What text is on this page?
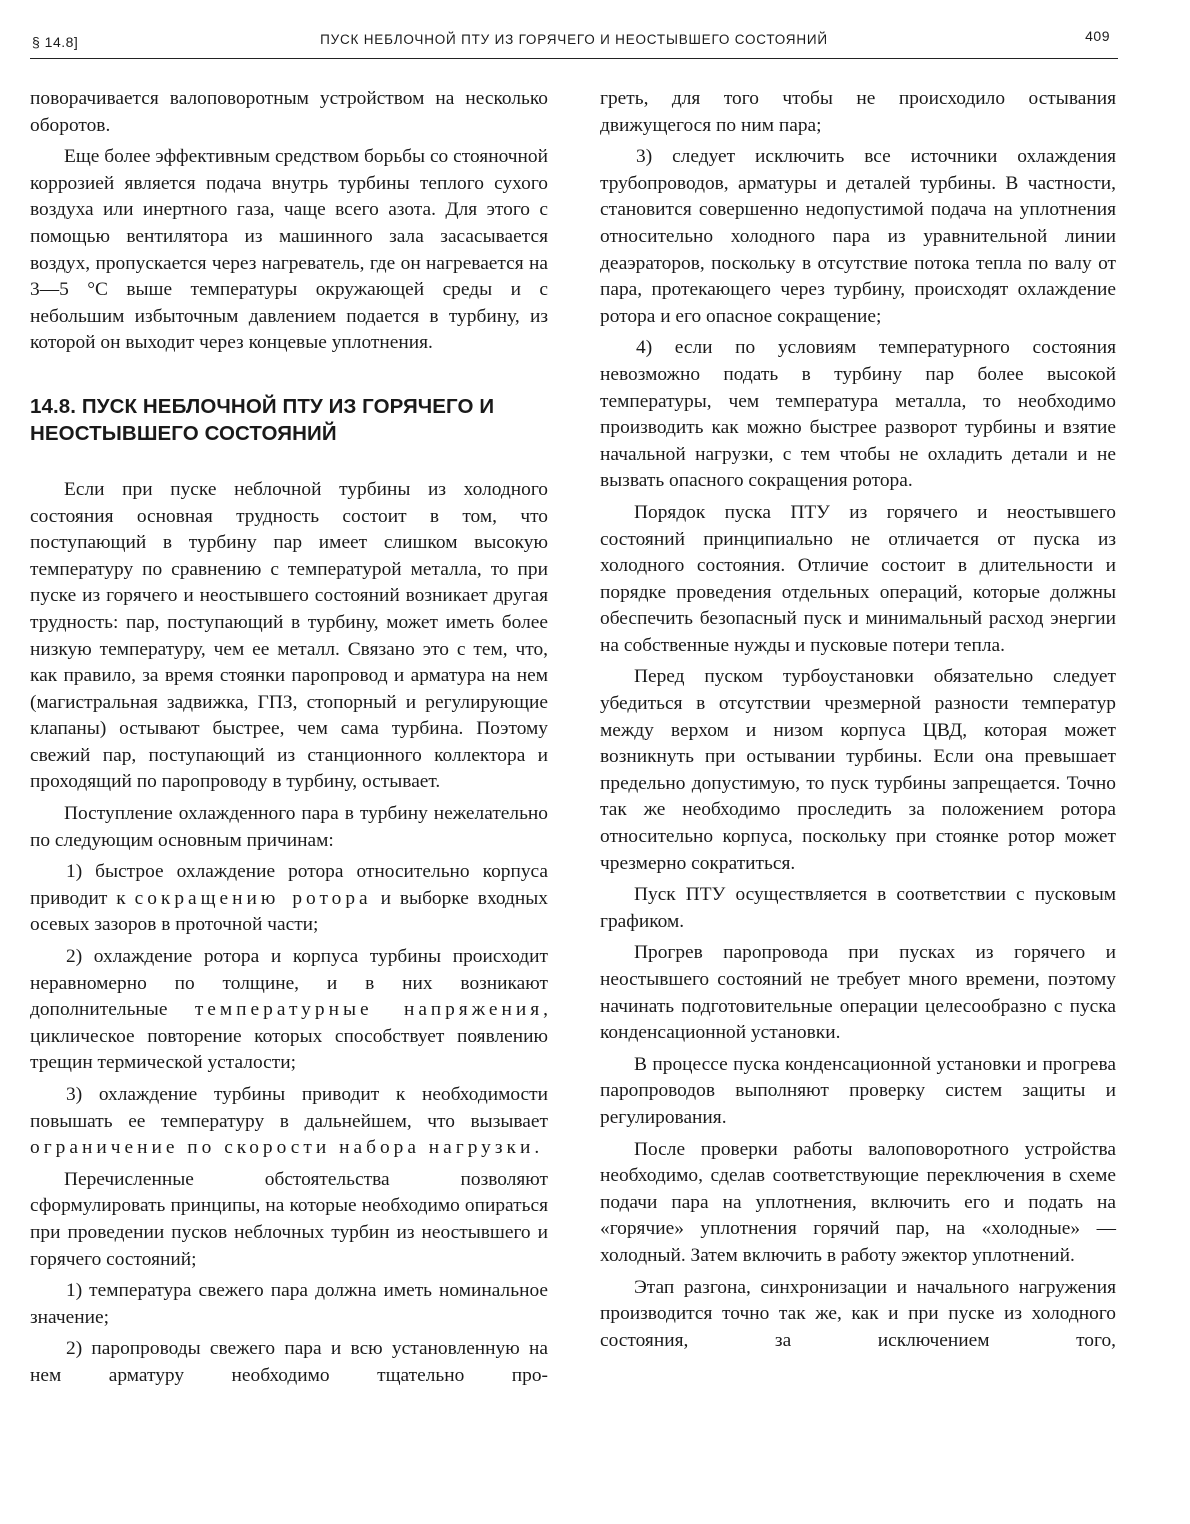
§ 14.8]	ПУСК НЕБЛОЧНОЙ ПТУ ИЗ ГОРЯЧЕГО И НЕОСТЫВШЕГО СОСТОЯНИЙ	409

поворачивается валоповоротным устройством на несколько оборотов.

Еще более эффективным средством борьбы со стояночной коррозией является подача внутрь турбины теплого сухого воздуха или инертного газа, чаще всего азота. Для этого с помощью вентилятора из машинного зала засасывается воздух, пропускается через нагреватель, где он нагревается на 3—5 °C выше температуры окружающей среды и с небольшим избыточным давлением подается в турбину, из которой он выходит через концевые уплотнения.

14.8. ПУСК НЕБЛОЧНОЙ ПТУ ИЗ ГОРЯЧЕГО И НЕОСТЫВШЕГО СОСТОЯНИЙ

Если при пуске неблочной турбины из холодного состояния основная трудность состоит в том, что поступающий в турбину пар имеет слишком высокую температуру по сравнению с температурой металла, то при пуске из горячего и неостывшего состояний возникает другая трудность: пар, поступающий в турбину, может иметь более низкую температуру, чем ее металл. Связано это с тем, что, как правило, за время стоянки паропровод и арматура на нем (магистральная задвижка, ГПЗ, стопорный и регулирующие клапаны) остывают быстрее, чем сама турбина. Поэтому свежий пар, поступающий из станционного коллектора и проходящий по паропроводу в турбину, остывает.

Поступление охлажденного пара в турбину нежелательно по следующим основным причинам:

1) быстрое охлаждение ротора относительно корпуса приводит к сокращению ротора и выборке входных осевых зазоров в проточной части;

2) охлаждение ротора и корпуса турбины происходит неравномерно по толщине, и в них возникают дополнительные температурные напряжения, циклическое повторение которых способствует появлению трещин термической усталости;

3) охлаждение турбины приводит к необходимости повышать ее температуру в дальнейшем, что вызывает ограничение по скорости набора нагрузки.

Перечисленные обстоятельства позволяют сформулировать принципы, на которые необходимо опираться при проведении пусков неблочных турбин из неостывшего и горячего состояний;

1) температура свежего пара должна иметь номинальное значение;

2) паропроводы свежего пара и всю установленную на нем арматуру необходимо тщательно про-

греть, для того чтобы не происходило остывания движущегося по ним пара;

3) следует исключить все источники охлаждения трубопроводов, арматуры и деталей турбины. В частности, становится совершенно недопустимой подача на уплотнения относительно холодного пара из уравнительной линии деаэраторов, поскольку в отсутствие потока тепла по валу от пара, протекающего через турбину, происходят охлаждение ротора и его опасное сокращение;

4) если по условиям температурного состояния невозможно подать в турбину пар более высокой температуры, чем температура металла, то необходимо производить как можно быстрее разворот турбины и взятие начальной нагрузки, с тем чтобы не охладить детали и не вызвать опасного сокращения ротора.

Порядок пуска ПТУ из горячего и неостывшего состояний принципиально не отличается от пуска из холодного состояния. Отличие состоит в длительности и порядке проведения отдельных операций, которые должны обеспечить безопасный пуск и минимальный расход энергии на собственные нужды и пусковые потери тепла.

Перед пуском турбоустановки обязательно следует убедиться в отсутствии чрезмерной разности температур между верхом и низом корпуса ЦВД, которая может возникнуть при остывании турбины. Если она превышает предельно допустимую, то пуск турбины запрещается. Точно так же необходимо проследить за положением ротора относительно корпуса, поскольку при стоянке ротор может чрезмерно сократиться.

Пуск ПТУ осуществляется в соответствии с пусковым графиком.

Прогрев паропровода при пусках из горячего и неостывшего состояний не требует много времени, поэтому начинать подготовительные операции целесообразно с пуска конденсационной установки.

В процессе пуска конденсационной установки и прогрева паропроводов выполняют проверку систем защиты и регулирования.

После проверки работы валоповоротного устройства необходимо, сделав соответствующие переключения в схеме подачи пара на уплотнения, включить его и подать на «горячие» уплотнения горячий пар, на «холодные» — холодный. Затем включить в работу эжектор уплотнений.

Этап разгона, синхронизации и начального нагружения производится точно так же, как и при пуске из холодного состояния, за исключением того,
